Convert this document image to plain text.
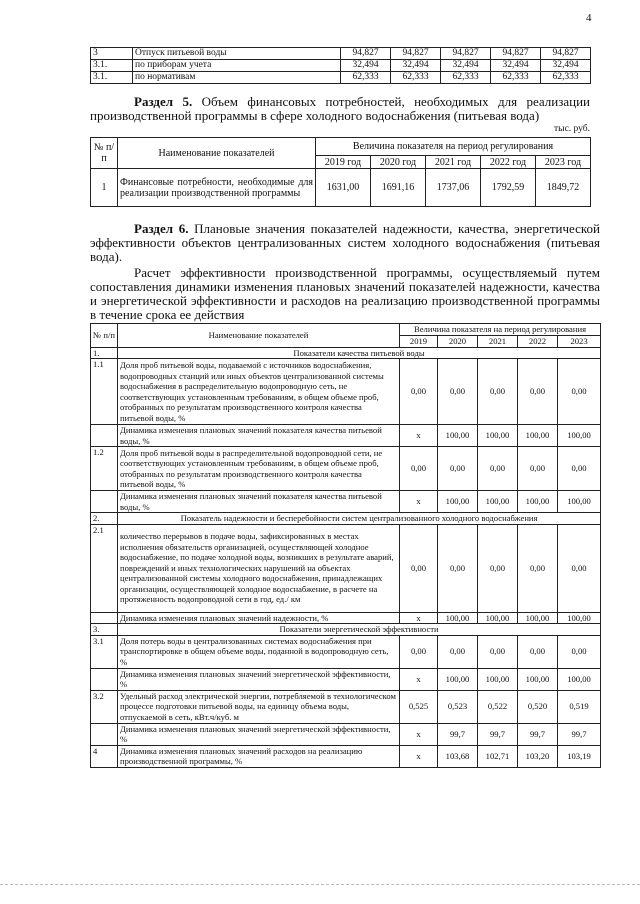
4
3	Отпуск питьевой воды	94,827	94,827	94,827	94,827	94,827
3.1.	по приборам учета	32,494	32,494	32,494	32,494	32,494
3.1.	по нормативам	62,333	62,333	62,333	62,333	62,333
Раздел 5. Объем финансовых потребностей, необходимых для реализации производственной программы в сфере холодного водоснабжения (питьевая вода)
тыс. руб.
№ п/п	Наименование показателей	Величина показателя на период регулирования				
		2019 год	2020 год	2021 год	2022 год	2023 год
1	Финансовые потребности, необходимые для реализации производственной программы	1631,00	1691,16	1737,06	1792,59	1849,72
Раздел 6. Плановые значения показателей надежности, качества, энергетической эффективности объектов централизованных систем холодного водоснабжения (питьевая вода).
Расчет эффективности производственной программы, осуществляемый путем сопоставления динамики изменения плановых значений показателей надежности, качества и энергетической эффективности и расходов на реализацию производственной программы в течение срока ее действия
№ п/п	Наименование показателей	Величина показателя на период регулирования				
		2019	2020	2021	2022	2023
1.	Показатели качества питьевой воды					
1.1	Доля проб питьевой воды, подаваемой с источников водоснабжения, водопроводных станций или иных объектов централизованной системы водоснабжения в распределительную водопроводную сеть, не соответствующих установленным требованиям, в общем объеме проб, отобранных по результатам производственного контроля качества питьевой воды, %	0,00	0,00	0,00	0,00	0,00
	Динамика изменения плановых значений показателя качества питьевой воды, %	x	100,00	100,00	100,00	100,00
1.2	Доля проб питьевой воды в распределительной водопроводной сети, не соответствующих установленным требованиям, в общем объеме проб, отобранных по результатам производственного контроля качества питьевой воды, %	0,00	0,00	0,00	0,00	0,00
	Динамика изменения плановых значений показателя качества питьевой воды, %	x	100,00	100,00	100,00	100,00
2.	Показатель надежности и бесперебойности систем централизованного холодного водоснабжения					
2.1	количество перерывов в подаче воды, зафиксированных в местах исполнения обязательств организацией, осуществляющей холодное водоснабжение, по подаче холодной воды, возникших в результате аварий, повреждений и иных технологических нарушений на объектах централизованной системы холодного водоснабжения, принадлежащих организации, осуществляющей холодное водоснабжение, в расчете на протяженность водопроводной сети в год, ед./ км	0,00	0,00	0,00	0,00	0,00
	Динамика изменения плановых значений надежности, %	x	100,00	100,00	100,00	100,00
3.	Показатели энергетической эффективности					
3.1	Доля потерь воды в централизованных системах водоснабжения при транспортировке в общем объеме воды, поданной в водопроводную сеть, %	0,00	0,00	0,00	0,00	0,00
	Динамика изменения плановых значений энергетической эффективности, %	x	100,00	100,00	100,00	100,00
3.2	Удельный расход электрической энергии, потребляемой в технологическом процессе подготовки питьевой воды, на единицу объема воды, отпускаемой в сеть, кВт.ч/куб. м	0,525	0,523	0,522	0,520	0,519
	Динамика изменения плановых значений энергетической эффективности, %	x	99,7	99,7	99,7	99,7
4	Динамика изменения плановых значений расходов на реализацию производственной программы, %	x	103,68	102,71	103,20	103,19
